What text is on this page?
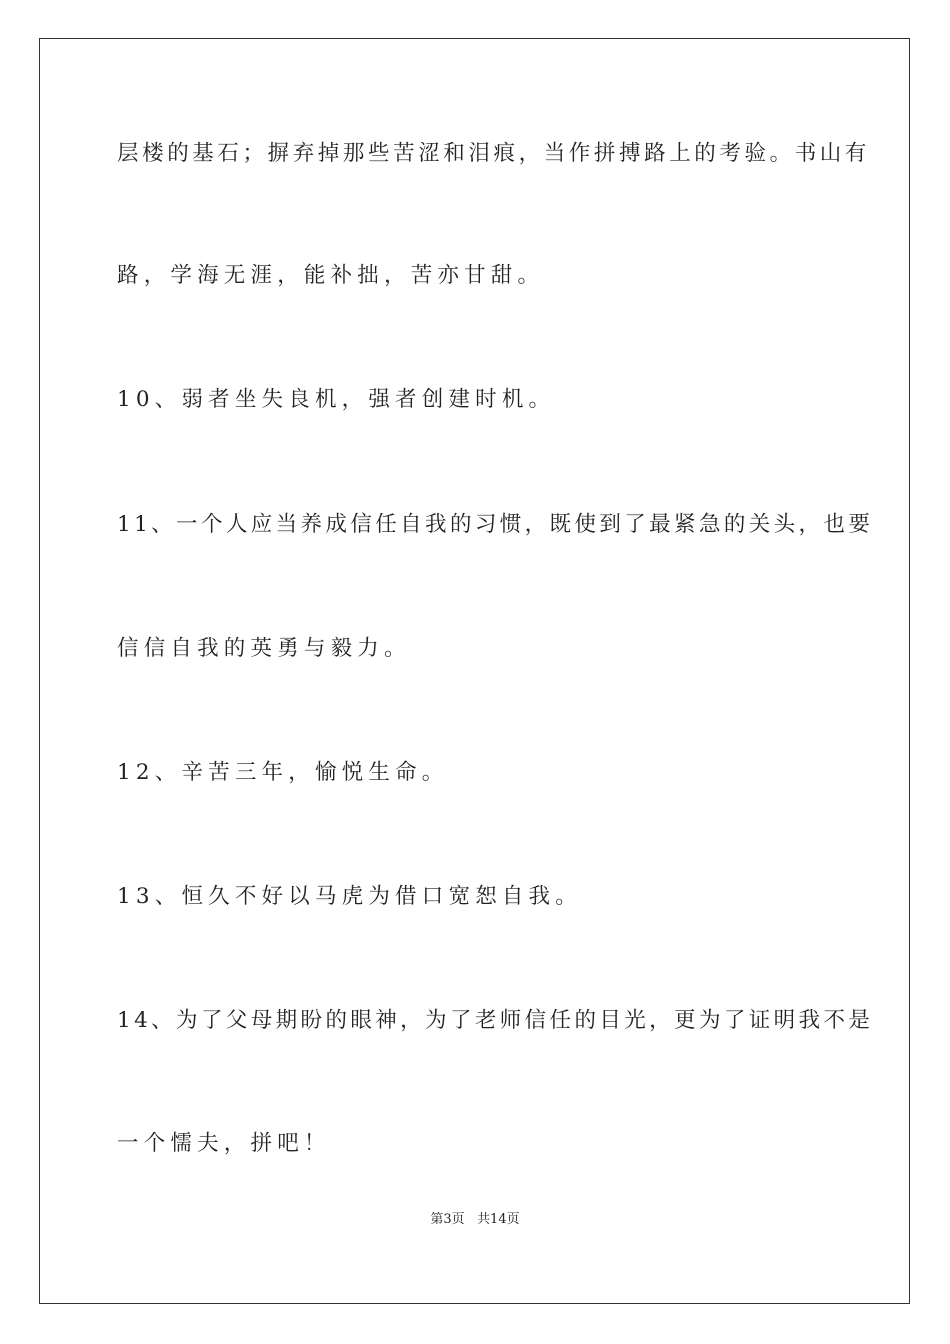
层楼的基石；摒弃掉那些苦涩和泪痕，当作拼搏路上的考验。书山有

路，学海无涯，能补拙，苦亦甘甜。

10、弱者坐失良机，强者创建时机。

11、一个人应当养成信任自我的习惯，既使到了最紧急的关头，也要

信信自我的英勇与毅力。

12、辛苦三年，愉悦生命。

13、恒久不好以马虎为借口宽恕自我。

14、为了父母期盼的眼神，为了老师信任的目光，更为了证明我不是

一个懦夫，拼吧！

第3页   共14页
